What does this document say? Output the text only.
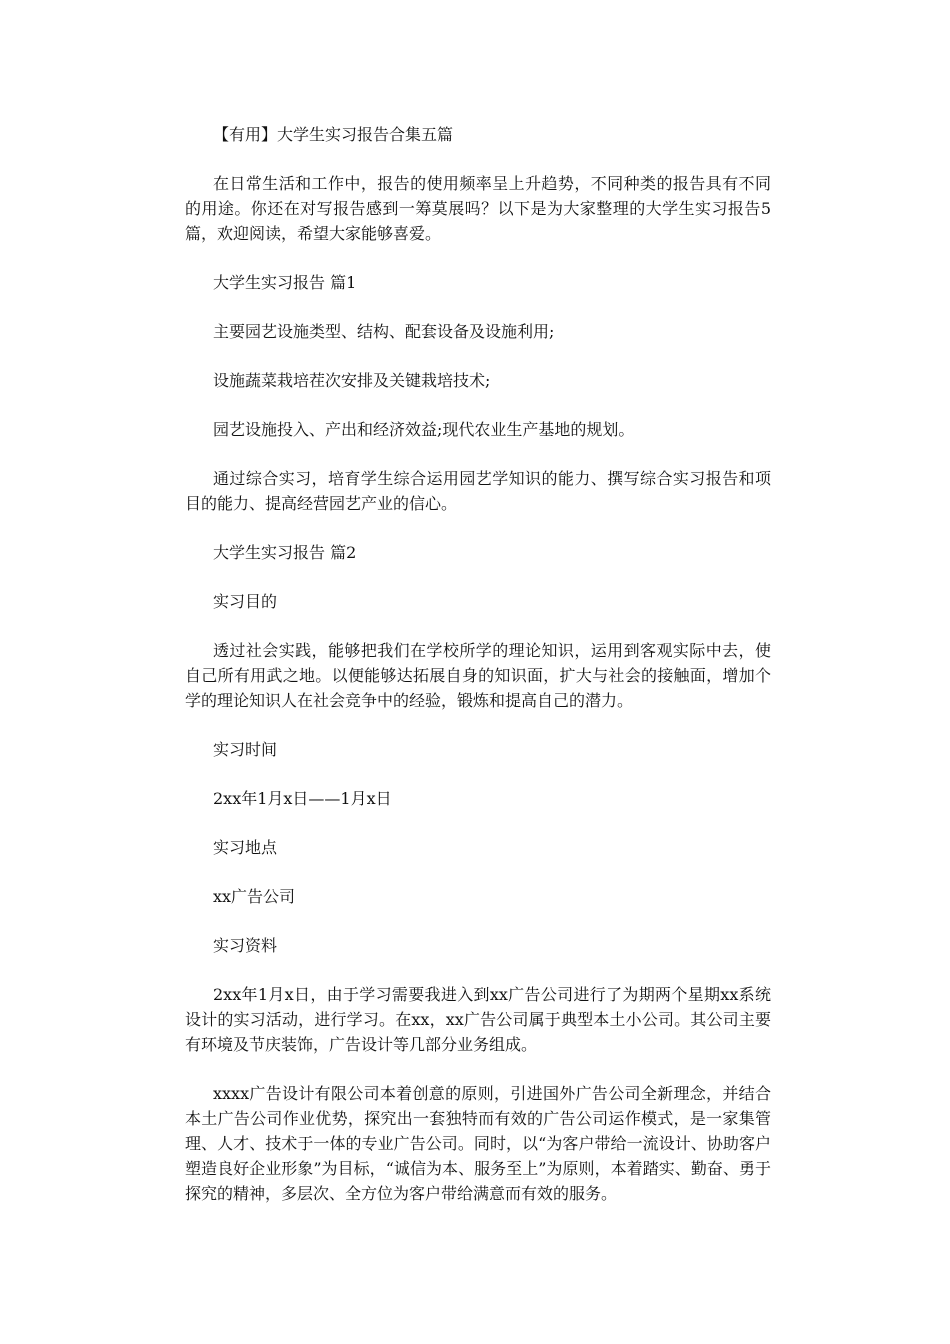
【有用】大学生实习报告合集五篇

在日常生活和工作中，报告的使用频率呈上升趋势，不同种类的报告具有不同的用途。你还在对写报告感到一筹莫展吗？以下是为大家整理的大学生实习报告5篇，欢迎阅读，希望大家能够喜爱。

大学生实习报告 篇1

主要园艺设施类型、结构、配套设备及设施利用;

设施蔬菜栽培茬次安排及关键栽培技术;

园艺设施投入、产出和经济效益;现代农业生产基地的规划。

通过综合实习，培育学生综合运用园艺学知识的能力、撰写综合实习报告和项目的能力、提高经营园艺产业的信心。

大学生实习报告 篇2

实习目的

透过社会实践，能够把我们在学校所学的理论知识，运用到客观实际中去，使自己所有用武之地。以便能够达拓展自身的知识面，扩大与社会的接触面，增加个学的理论知识人在社会竞争中的经验，锻炼和提高自己的潜力。

实习时间

2xx年1月x日——1月x日

实习地点

xx广告公司

实习资料

2xx年1月x日，由于学习需要我进入到xx广告公司进行了为期两个星期xx系统设计的实习活动，进行学习。在xx，xx广告公司属于典型本土小公司。其公司主要有环境及节庆装饰，广告设计等几部分业务组成。

xxxx广告设计有限公司本着创意的原则，引进国外广告公司全新理念，并结合本土广告公司作业优势，探究出一套独特而有效的广告公司运作模式，是一家集管理、人才、技术于一体的专业广告公司。同时，以“为客户带给一流设计、协助客户塑造良好企业形象”为目标，“诚信为本、服务至上”为原则，本着踏实、勤奋、勇于探究的精神，多层次、全方位为客户带给满意而有效的服务。
